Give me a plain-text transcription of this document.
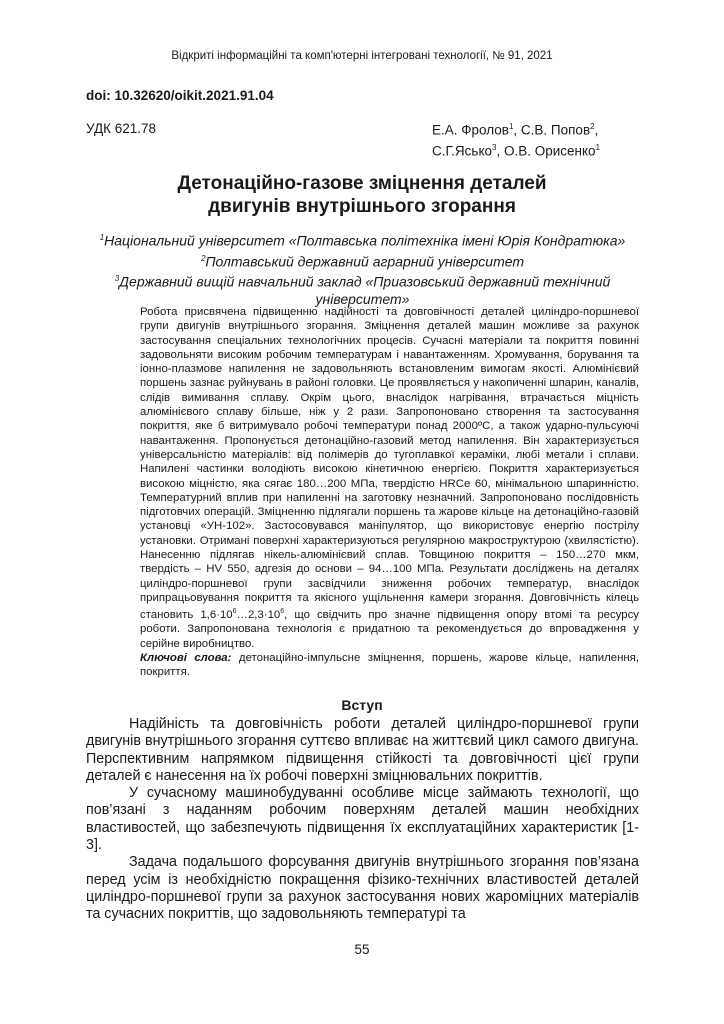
Відкриті інформаційні та комп'ютерні інтегровані технології, № 91, 2021
doi: 10.32620/oikit.2021.91.04
УДК 621.78	Е.А. Фролов$^1$, С.В. Попов$^2$,
С.Г.Ясько$^3$, О.В. Орисенко$^1$
Детонаційно-газове зміцнення деталей
двигунів внутрішнього згорання
$^1$Національний університет «Полтавська політехніка імені Юрія Кондратюка»
$^2$Полтавський державний аграрний університет
$^3$Державний вищій навчальний заклад «Приазовський державний технічний університет»

Робота присвячена підвищенню надійності та довговічності деталей циліндро-поршневої групи двигунів внутрішнього згорання. Зміцнення деталей машин можливе за рахунок застосування спеціальних технологічних процесів. Сучасні матеріали та покриття повинні задовольняти високим робочим температурам і навантаженням. Хромування, борування та іонно-плазмове напилення не задовольняють встановленим вимогам якості. Алюмінієвий поршень зазнає руйнувань в районі головки. Це проявляється у накопиченні шпарин, каналів, слідів вимивання сплаву. Окрім цього, внаслідок нагрівання, втрачається міцність алюмінієвого сплаву більше, ніж у 2 рази. Запропоновано створення та застосування покриття, яке б витримувало робочі температури понад 2000ºС, а також ударно-пульсуючі навантаження. Пропонується детонаційно-газовий метод напилення. Він характеризується універсальністю матеріалів: від полімерів до тугоплавкої кераміки, любі метали і сплави. Напилені частинки володіють високою кінетичною енергією. Покриття характеризується високою міцністю, яка сягає 180…200 МПа, твердістю HRCе 60, мінімальною шпаринністю. Температурний вплив при напиленні на заготовку незначний. Запропоновано послідовність підготовчих операцій. Зміцненню підлягали поршень та жарове кільце на детонаційно-газовій установці «УН-102». Застосовувався маніпулятор, що використовує енергію пострілу установки. Отримані поверхні характеризуються регулярною макроструктурою (хвилястістю). Нанесенню підлягав нікель-алюмінієвий сплав. Товщиною покриття – 150…270 мкм, твердість – HV 550, адгезія до основи – 94…100 МПа. Результати досліджень на деталях циліндро-поршневої групи засвідчили зниження робочих температур, внаслідок припрацьовування покриття та якісного ущільнення камери згорання. Довговічність кілець становить $1,6\cdot 10^6\dots 2,3\cdot 10^6$, що свідчить про значне підвищення опору втомі та ресурсу роботи. Запропонована технологія є придатною та рекомендується до впровадження у серійне виробництво.

Ключові слова: детонаційно-імпульсне зміцнення, поршень, жарове кільце, напилення, покриття.

Вступ

Надійність та довговічність роботи деталей циліндро-поршневої групи двигунів внутрішнього згорання суттєво впливає на життєвий цикл самого двигуна. Перспективним напрямком підвищення стійкості та довговічності цієї групи деталей є нанесення на їх робочі поверхні зміцнювальних покриттів.

У сучасному машинобудуванні особливе місце займають технології, що пов’язані з наданням робочим поверхням деталей машин необхідних властивостей, що забезпечують підвищення їх експлуатаційних характеристик [1-3].

Задача подальшого форсування двигунів внутрішнього згорання пов’язана перед усім із необхідністю покращення фізико-технічних властивостей деталей циліндро-поршневої групи за рахунок застосування нових жароміцних матеріалів та сучасних покриттів, що задовольняють температурі та

55
